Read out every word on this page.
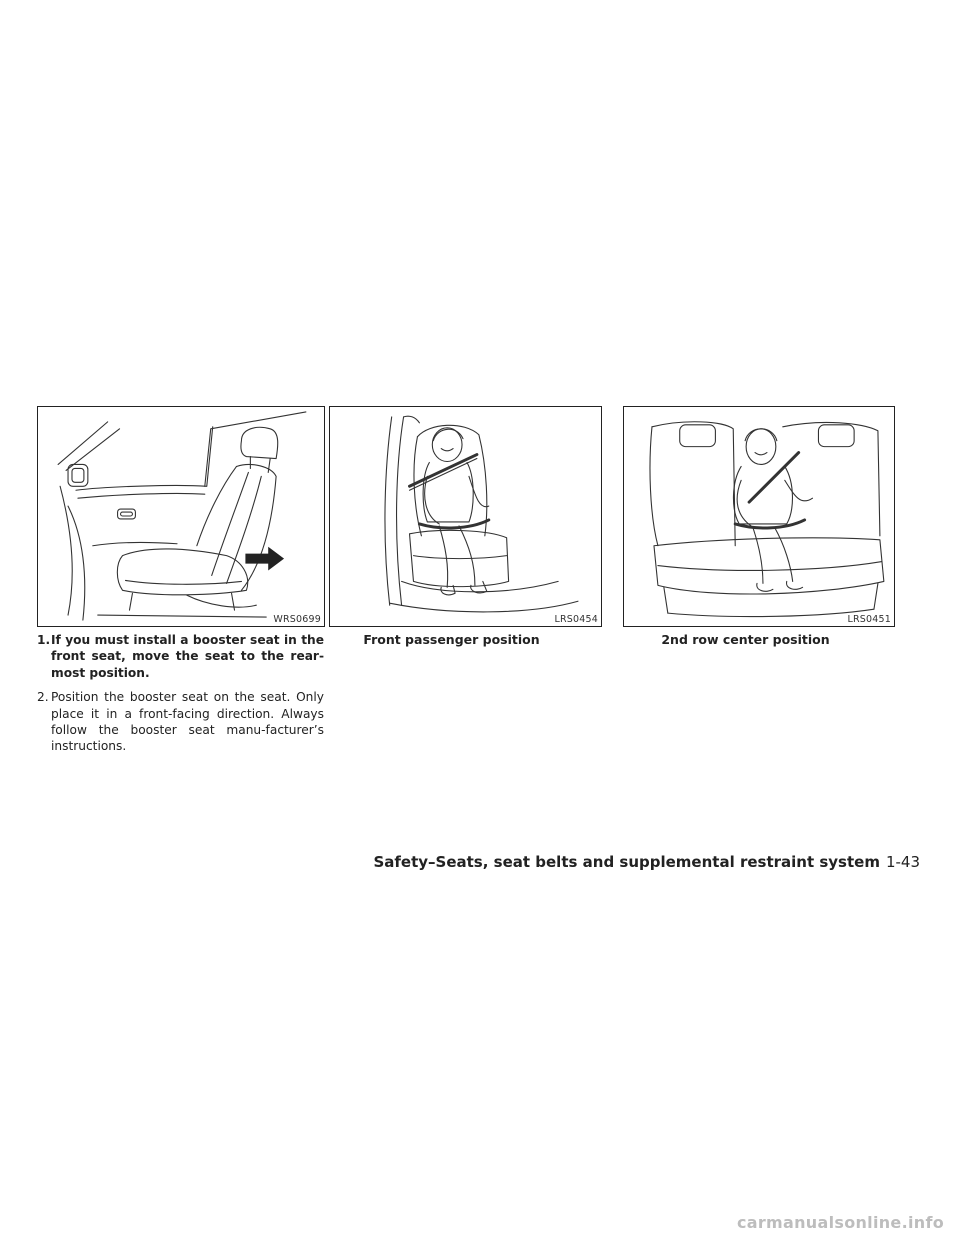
WRS0699	LRS0454	LRS0451
Front passenger position	2nd row center position
1. If you must install a booster seat in the front seat, move the seat to the rear-most position.
2. Position the booster seat on the seat. Only place it in a front-facing direction. Always follow the booster seat manu-facturer’s instructions.
Safety–Seats, seat belts and supplemental restraint system 1-43
carmanualsonline.info
